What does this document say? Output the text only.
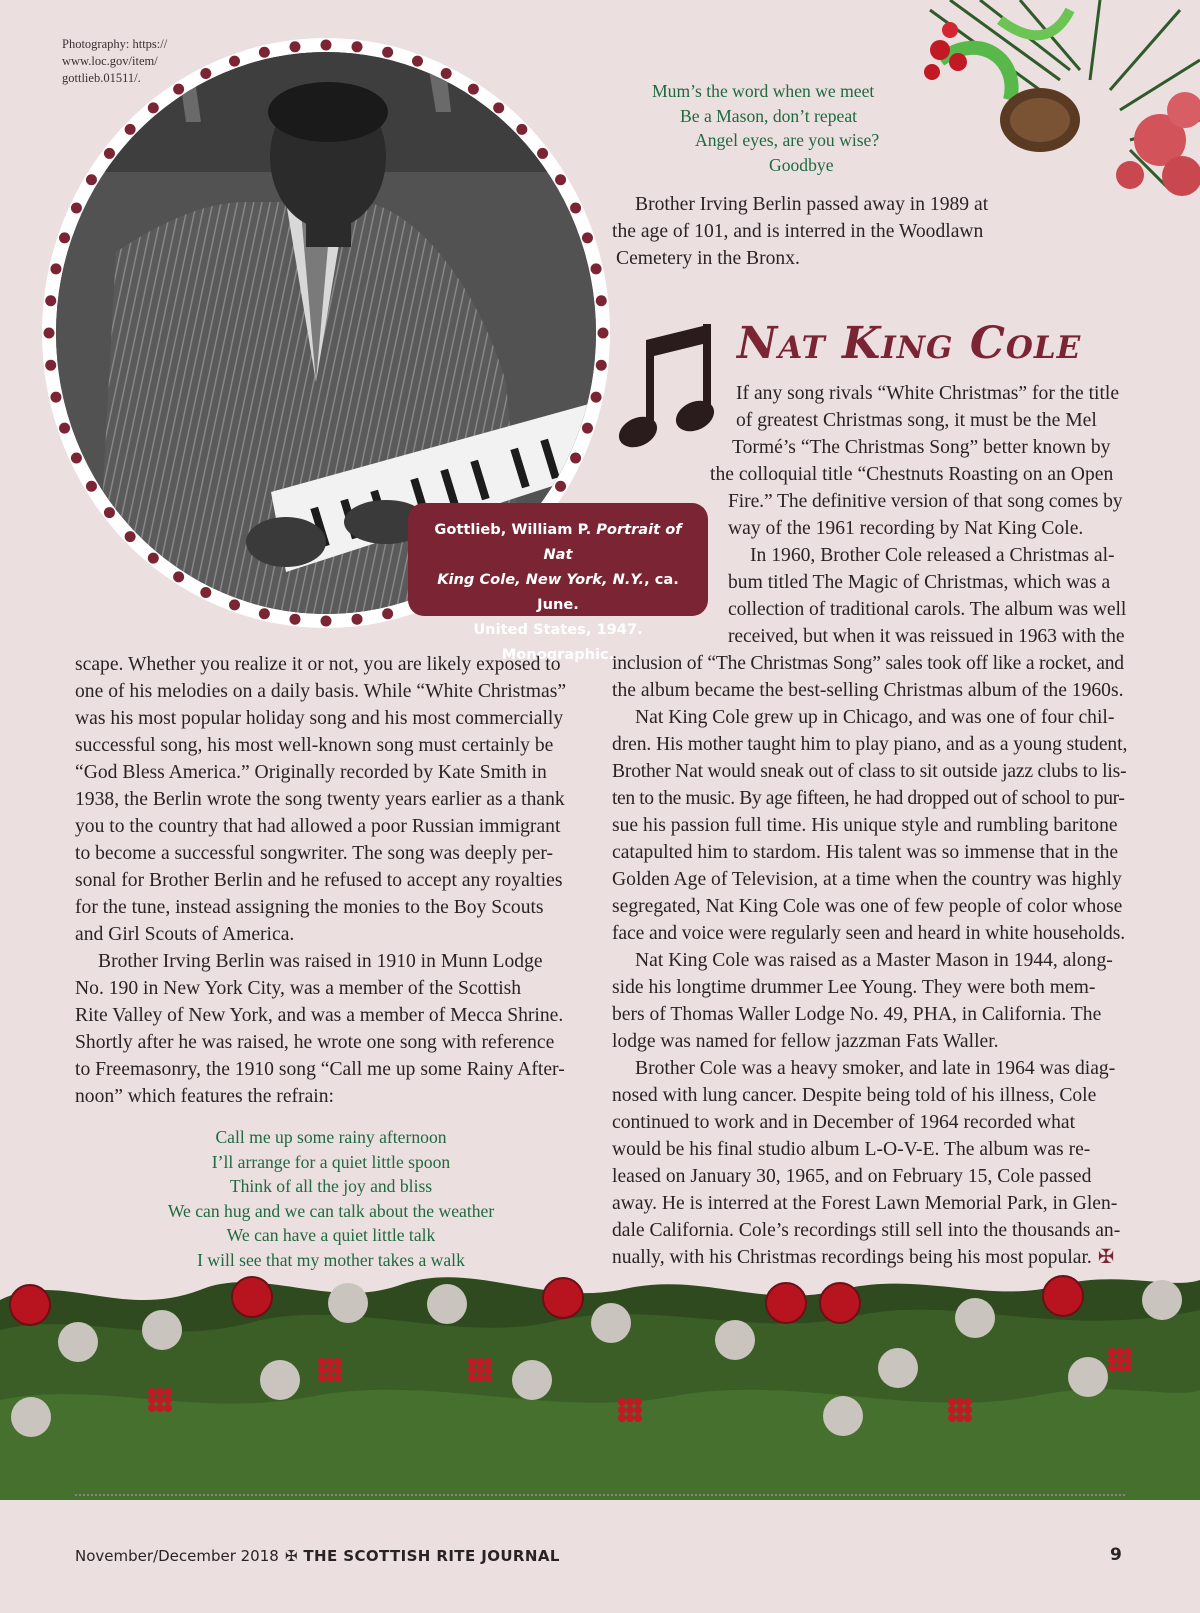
Photography: https://
www.loc.gov/item/
gottlieb.01511/.
Gottlieb, William P. Portrait of Nat
King Cole, New York, N.Y., ca. June.
United States, 1947. Monographic.
Mum’s the word when we meet
Be a Mason, don’t repeat
Angel eyes, are you wise?
Goodbye
Brother Irving Berlin passed away in 1989 at
the age of 101, and is interred in the Woodlawn
Cemetery in the Bronx.
Nat King Cole
If any song rivals “White Christmas” for the title
of greatest Christmas song, it must be the Mel
Tormé’s “The Christmas Song” better known by
the colloquial title “Chestnuts Roasting on an Open
Fire.” The definitive version of that song comes by
way of the 1961 recording by Nat King Cole.
In 1960, Brother Cole released a Christmas al-
bum titled The Magic of Christmas, which was a
collection of traditional carols. The album was well
received, but when it was reissued in 1963 with the
inclusion of “The Christmas Song” sales took off like a rocket, and
the album became the best-selling Christmas album of the 1960s.
Nat King Cole grew up in Chicago, and was one of four chil-
dren. His mother taught him to play piano, and as a young student,
Brother Nat would sneak out of class to sit outside jazz clubs to lis-
ten to the music. By age fifteen, he had dropped out of school to pur-
sue his passion full time. His unique style and rumbling baritone
catapulted him to stardom. His talent was so immense that in the
Golden Age of Television, at a time when the country was highly
segregated, Nat King Cole was one of few people of color whose
face and voice were regularly seen and heard in white households.
Nat King Cole was raised as a Master Mason in 1944, along-
side his longtime drummer Lee Young. They were both mem-
bers of Thomas Waller Lodge No. 49, PHA, in California. The
lodge was named for fellow jazzman Fats Waller.
Brother Cole was a heavy smoker, and late in 1964 was diag-
nosed with lung cancer. Despite being told of his illness, Cole
continued to work and in December of 1964 recorded what
would be his final studio album L-O-V-E. The album was re-
leased on January 30, 1965, and on February 15, Cole passed
away. He is interred at the Forest Lawn Memorial Park, in Glen-
dale California. Cole’s recordings still sell into the thousands an-
nually, with his Christmas recordings being his most popular. ✠
scape. Whether you realize it or not, you are likely exposed to
one of his melodies on a daily basis. While “White Christmas”
was his most popular holiday song and his most commercially
successful song, his most well-known song must certainly be
“God Bless America.” Originally recorded by Kate Smith in
1938, the Berlin wrote the song twenty years earlier as a thank
you to the country that had allowed a poor Russian immigrant
to become a successful songwriter. The song was deeply per-
sonal for Brother Berlin and he refused to accept any royalties
for the tune, instead assigning the monies to the Boy Scouts
and Girl Scouts of America.
Brother Irving Berlin was raised in 1910 in Munn Lodge
No. 190 in New York City, was a member of the Scottish
Rite Valley of New York, and was a member of Mecca Shrine.
Shortly after he was raised, he wrote one song with reference
to Freemasonry, the 1910 song “Call me up some Rainy After-
noon” which features the refrain:
Call me up some rainy afternoon
I’ll arrange for a quiet little spoon
Think of all the joy and bliss
We can hug and we can talk about the weather
We can have a quiet little talk
I will see that my mother takes a walk
November/December 2018 ✠ THE SCOTTISH RITE JOURNAL	9
